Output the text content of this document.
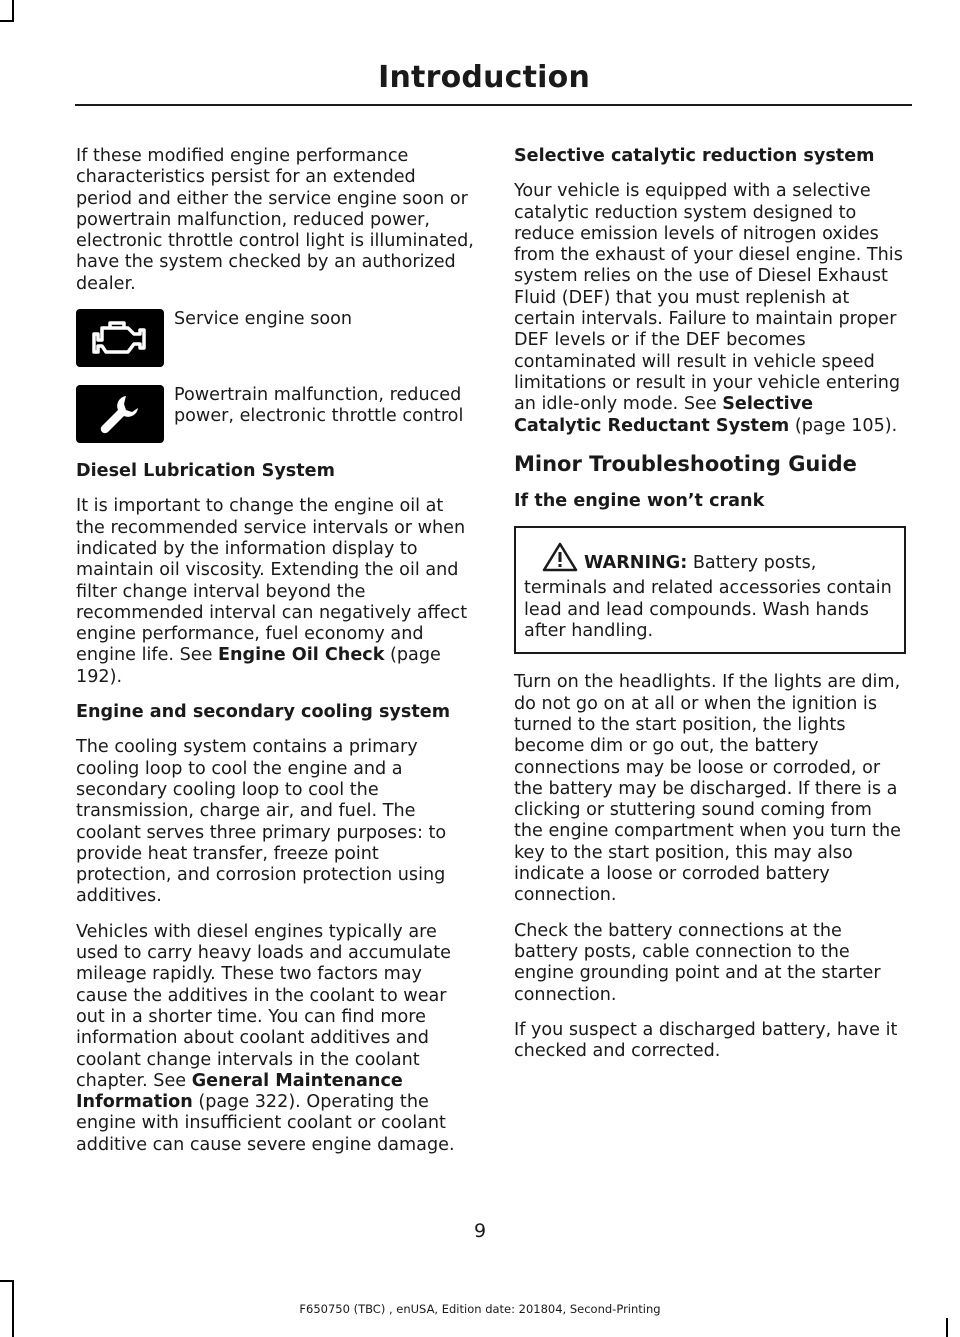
Introduction

If these modified engine performance characteristics persist for an extended period and either the service engine soon or powertrain malfunction, reduced power, electronic throttle control light is illuminated, have the system checked by an authorized dealer.

Service engine soon
Powertrain malfunction, reduced power, electronic throttle control
Diesel Lubrication System

It is important to change the engine oil at the recommended service intervals or when indicated by the information display to maintain oil viscosity. Extending the oil and filter change interval beyond the recommended interval can negatively affect engine performance, fuel economy and engine life. See Engine Oil Check (page 192).

Engine and secondary cooling system

The cooling system contains a primary cooling loop to cool the engine and a secondary cooling loop to cool the transmission, charge air, and fuel. The coolant serves three primary purposes: to provide heat transfer, freeze point protection, and corrosion protection using additives.

Vehicles with diesel engines typically are used to carry heavy loads and accumulate mileage rapidly. These two factors may cause the additives in the coolant to wear out in a shorter time. You can find more information about coolant additives and coolant change intervals in the coolant chapter. See General Maintenance Information (page 322). Operating the engine with insufficient coolant or coolant additive can cause severe engine damage.

Selective catalytic reduction system

Your vehicle is equipped with a selective catalytic reduction system designed to reduce emission levels of nitrogen oxides from the exhaust of your diesel engine. This system relies on the use of Diesel Exhaust Fluid (DEF) that you must replenish at certain intervals. Failure to maintain proper DEF levels or if the DEF becomes contaminated will result in vehicle speed limitations or result in your vehicle entering an idle-only mode. See Selective Catalytic Reductant System (page 105).

Minor Troubleshooting Guide
If the engine won’t crank

WARNING: Battery posts, terminals and related accessories contain lead and lead compounds. Wash hands after handling.

Turn on the headlights. If the lights are dim, do not go on at all or when the ignition is turned to the start position, the lights become dim or go out, the battery connections may be loose or corroded, or the battery may be discharged. If there is a clicking or stuttering sound coming from the engine compartment when you turn the key to the start position, this may also indicate a loose or corroded battery connection.

Check the battery connections at the battery posts, cable connection to the engine grounding point and at the starter connection.

If you suspect a discharged battery, have it checked and corrected.

9
F650750 (TBC) , enUSA, Edition date: 201804, Second-Printing
